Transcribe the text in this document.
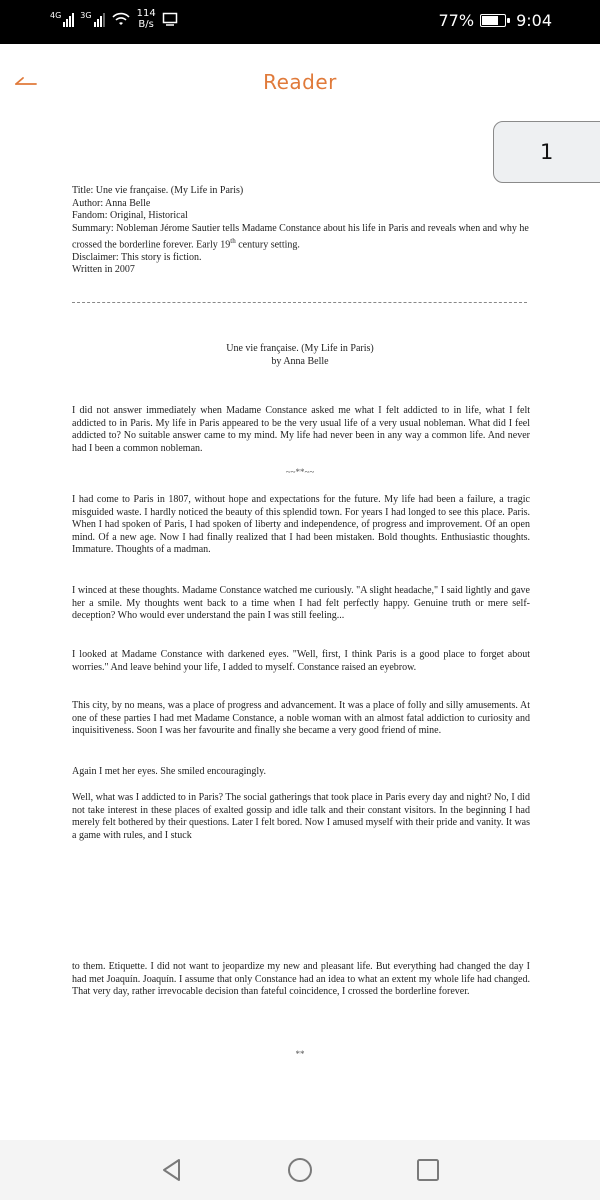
4G 3G	114
B/s	77%	9:04
Reader
1
Title: Une vie française. (My Life in Paris)
Author: Anna Belle
Fandom: Original, Historical
Summary: Nobleman Jérome Sautier tells Madame Constance about his life in Paris and reveals when and why he crossed the borderline forever. Early 19th century setting.
Disclaimer: This story is fiction.
Written in 2007
Une vie française. (My Life in Paris)
by Anna Belle

I did not answer immediately when Madame Constance asked me what I felt addicted to in life, what I felt addicted to in Paris. My life in Paris appeared to be the very usual life of a very usual nobleman. What did I feel addicted to? No suitable answer came to my mind. My life had never been in any way a common life. And never had I been a common nobleman.

~~**~~

I had come to Paris in 1807, without hope and expectations for the future. My life had been a failure, a tragic misguided waste. I hardly noticed the beauty of this splendid town. For years I had longed to see this place. Paris. When I had spoken of Paris, I had spoken of liberty and independence, of progress and improvement. Of an open mind. Of a new age. Now I had finally realized that I had been mistaken. Bold thoughts. Enthusiastic thoughts. Immature. Thoughts of a madman.

I winced at these thoughts. Madame Constance watched me curiously. "A slight headache," I said lightly and gave her a smile. My thoughts went back to a time when I had felt perfectly happy. Genuine truth or mere self-deception? Who would ever understand the pain I was still feeling...

I looked at Madame Constance with darkened eyes. "Well, first, I think Paris is a good place to forget about worries." And leave behind your life, I added to myself. Constance raised an eyebrow.

This city, by no means, was a place of progress and advancement. It was a place of folly and silly amusements. At one of these parties I had met Madame Constance, a noble woman with an almost fatal addiction to curiosity and inquisitiveness. Soon I was her favourite and finally she became a very good friend of mine.

Again I met her eyes. She smiled encouragingly.

Well, what was I addicted to in Paris? The social gatherings that took place in Paris every day and night? No, I did not take interest in these places of exalted gossip and idle talk and their constant visitors. In the beginning I had merely felt bothered by their questions. Later I felt bored. Now I amused myself with their pride and vanity. It was a game with rules, and I stuck

to them. Etiquette. I did not want to jeopardize my new and pleasant life. But everything had changed the day I had met Joaquín. Joaquín. I assume that only Constance had an idea to what an extent my whole life had changed. That very day, rather irrevocable decision than fateful coincidence, I crossed the borderline forever.

**
